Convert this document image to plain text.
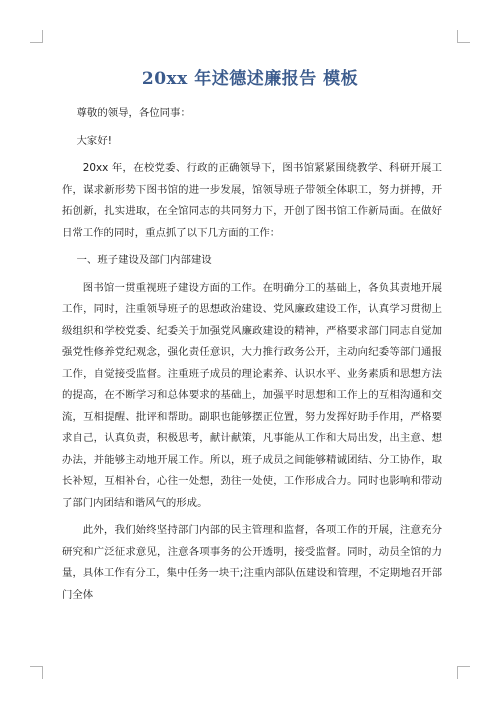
20xx 年述德述廉报告 模板

尊敬的领导，各位同事：

大家好!

20xx 年，在校党委、行政的正确领导下，图书馆紧紧围绕教学、科研开展工作，谋求新形势下图书馆的进一步发展，馆领导班子带领全体职工，努力拼搏，开拓创新，扎实进取，在全馆同志的共同努力下，开创了图书馆工作新局面。在做好日常工作的同时，重点抓了以下几方面的工作：

一、班子建设及部门内部建设

图书馆一贯重视班子建设方面的工作。在明确分工的基础上，各负其责地开展工作，同时，注重领导班子的思想政治建设、党风廉政建设工作，认真学习贯彻上级组织和学校党委、纪委关于加强党风廉政建设的精神，严格要求部门同志自觉加强党性修养党纪观念，强化责任意识，大力推行政务公开，主动向纪委等部门通报工作，自觉接受监督。注重班子成员的理论素养、认识水平、业务素质和思想方法的提高，在不断学习和总体要求的基础上，加强平时思想和工作上的互相沟通和交流，互相提醒、批评和帮助。副职也能够摆正位置，努力发挥好助手作用，严格要求自己，认真负责，积极思考，献计献策，凡事能从工作和大局出发，出主意、想办法，并能够主动地开展工作。所以，班子成员之间能够精诚团结、分工协作，取长补短，互相补台，心往一处想，劲往一处使，工作形成合力。同时也影响和带动了部门内团结和谐风气的形成。

此外，我们始终坚持部门内部的民主管理和监督，各项工作的开展，注意充分研究和广泛征求意见，注意各项事务的公开透明，接受监督。同时，动员全馆的力量，具体工作有分工，集中任务一块干;注重内部队伍建设和管理，不定期地召开部门全体
